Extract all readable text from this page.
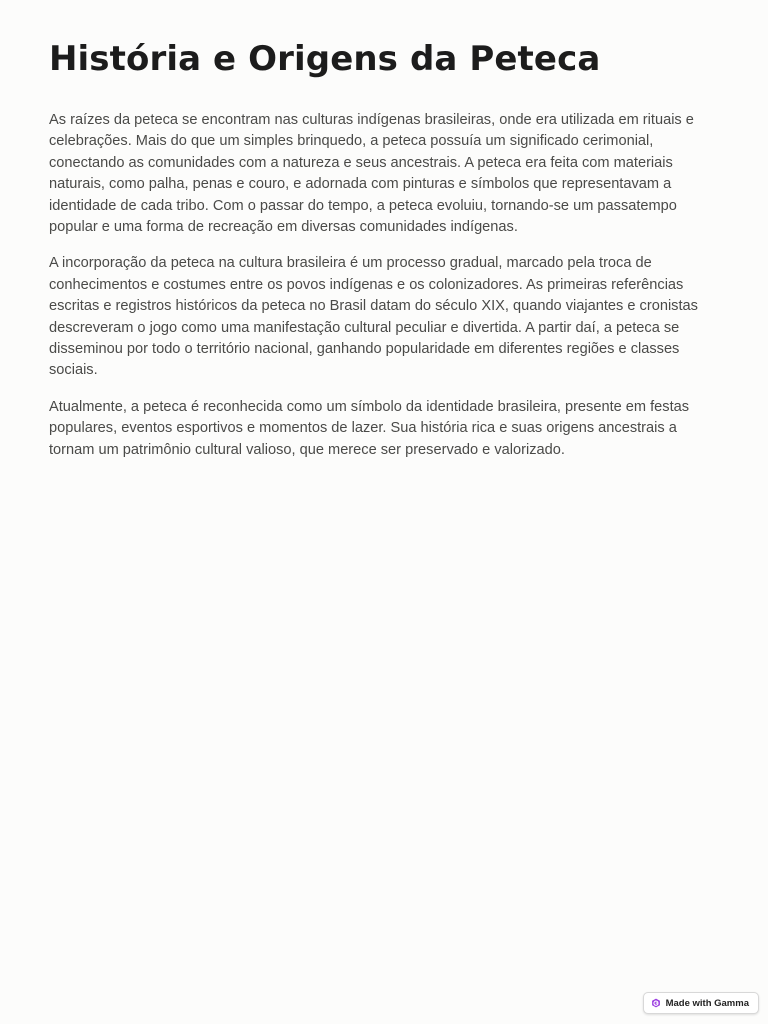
História e Origens da Peteca

As raízes da peteca se encontram nas culturas indígenas brasileiras, onde era utilizada em rituais e celebrações. Mais do que um simples brinquedo, a peteca possuía um significado cerimonial, conectando as comunidades com a natureza e seus ancestrais. A peteca era feita com materiais naturais, como palha, penas e couro, e adornada com pinturas e símbolos que representavam a identidade de cada tribo. Com o passar do tempo, a peteca evoluiu, tornando-se um passatempo popular e uma forma de recreação em diversas comunidades indígenas.

A incorporação da peteca na cultura brasileira é um processo gradual, marcado pela troca de conhecimentos e costumes entre os povos indígenas e os colonizadores. As primeiras referências escritas e registros históricos da peteca no Brasil datam do século XIX, quando viajantes e cronistas descreveram o jogo como uma manifestação cultural peculiar e divertida. A partir daí, a peteca se disseminou por todo o território nacional, ganhando popularidade em diferentes regiões e classes sociais.

Atualmente, a peteca é reconhecida como um símbolo da identidade brasileira, presente em festas populares, eventos esportivos e momentos de lazer. Sua história rica e suas origens ancestrais a tornam um patrimônio cultural valioso, que merece ser preservado e valorizado.

Made with Gamma
